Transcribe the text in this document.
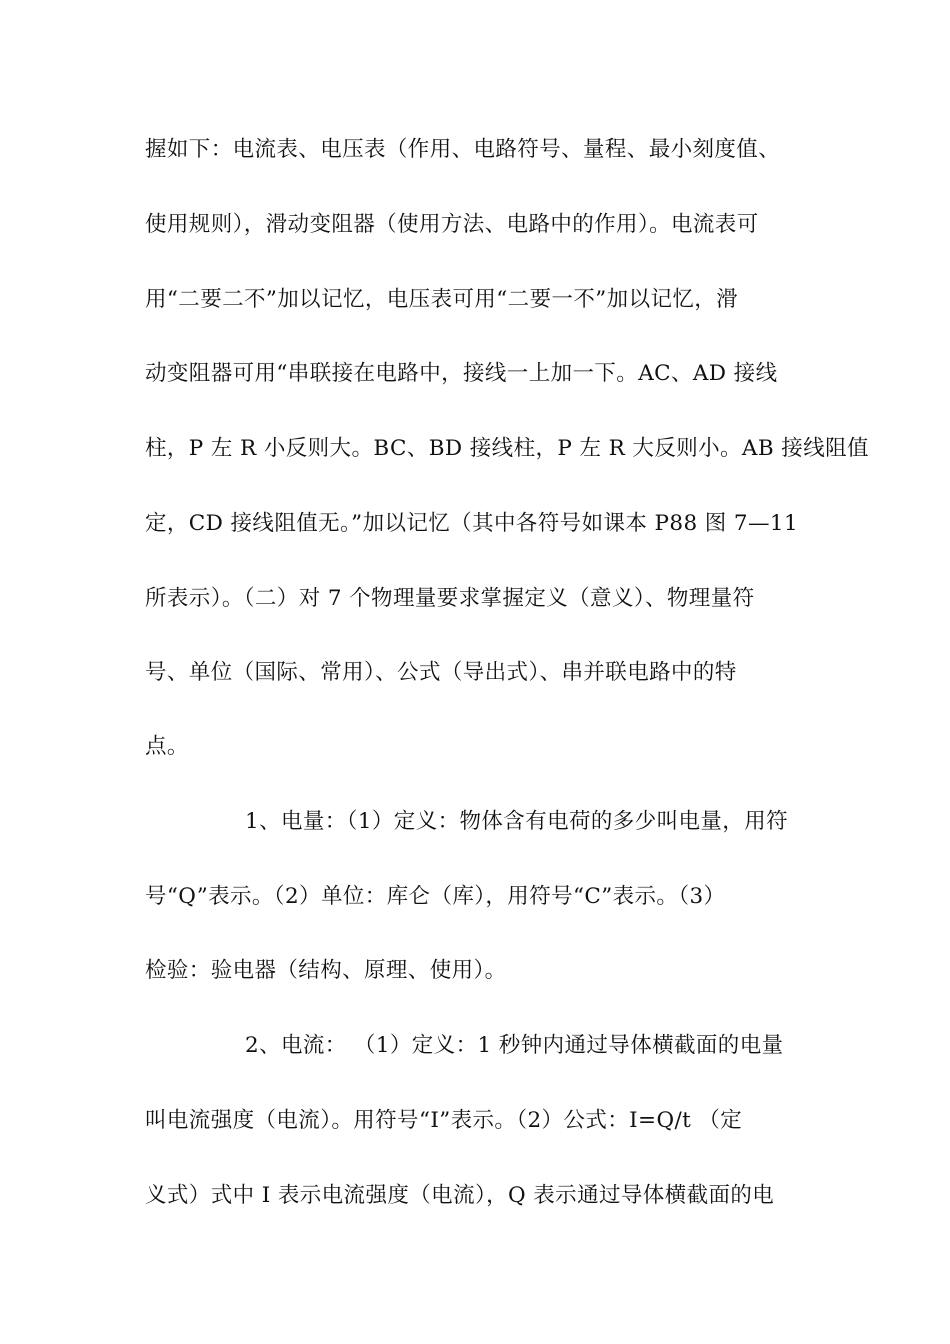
握如下：电流表、电压表（作用、电路符号、量程、最小刻度值、
使用规则），滑动变阻器（使用方法、电路中的作用）。电流表可
用“二要二不”加以记忆，电压表可用“二要一不”加以记忆，滑
动变阻器可用“串联接在电路中，接线一上加一下。AC、AD 接线
柱，P 左 R 小反则大。BC、BD 接线柱，P 左 R 大反则小。AB 接线阻值
定，CD 接线阻值无。”加以记忆（其中各符号如课本 P88 图 7—11
所表示）。（二）对 7 个物理量要求掌握定义（意义）、物理量符
号、单位（国际、常用）、公式（导出式）、串并联电路中的特
点。
1、电量：（1）定义：物体含有电荷的多少叫电量，用符
号“Q”表示。（2）单位：库仑（库），用符号“C”表示。（3）
检验：验电器（结构、原理、使用）。
2、电流： （1）定义：1 秒钟内通过导体横截面的电量
叫电流强度（电流）。用符号“I”表示。（2）公式：I=Q/t （定
义式）式中 I 表示电流强度（电流），Q 表示通过导体横截面的电
